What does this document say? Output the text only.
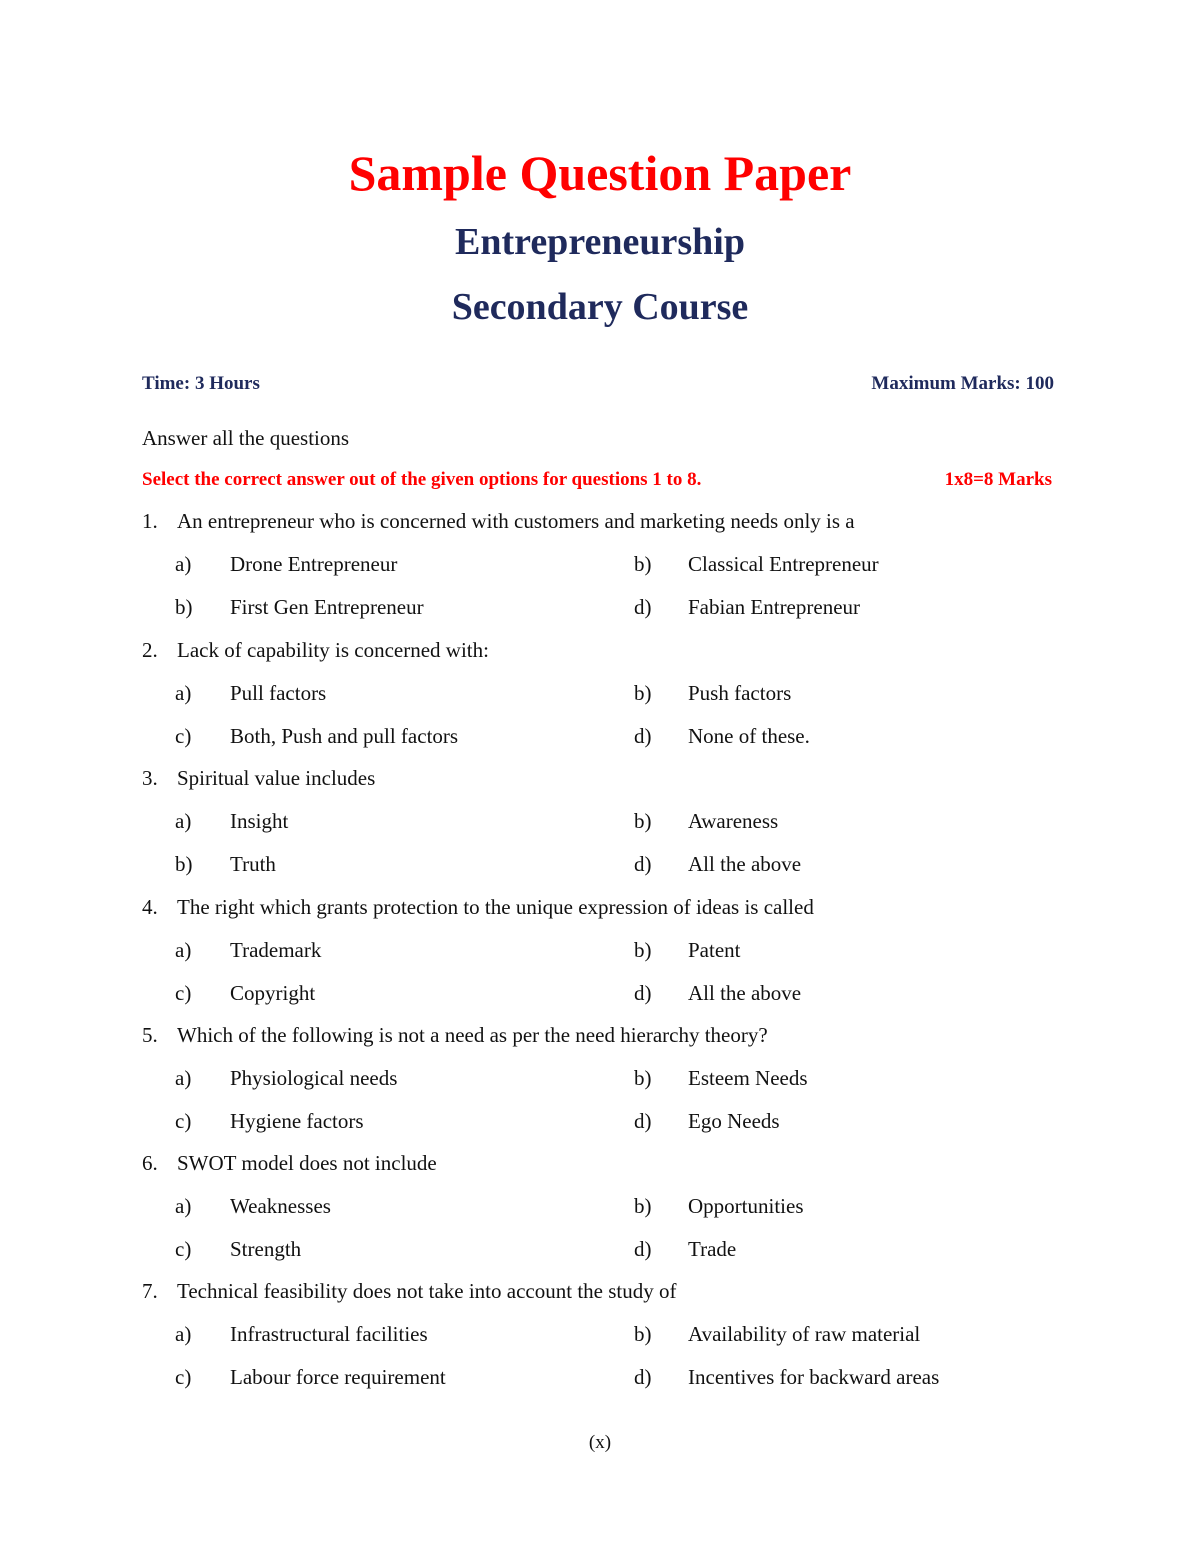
Sample Question Paper
Entrepreneurship
Secondary Course
Time: 3 Hours	Maximum Marks: 100
Answer all the questions
Select the correct answer out of the given options for questions 1 to 8.	1x8=8 Marks
1. An entrepreneur who is concerned with customers and marketing needs only is a
a) Drone Entrepreneur	b) Classical Entrepreneur
b) First Gen Entrepreneur	d) Fabian Entrepreneur
2. Lack of capability is concerned with:
a) Pull factors	b) Push factors
c) Both, Push and pull factors	d) None of these.
3. Spiritual value includes
a) Insight	b) Awareness
b) Truth	d) All the above
4. The right which grants protection to the unique expression of ideas is called
a) Trademark	b) Patent
c) Copyright	d) All the above
5. Which of the following is not a need as per the need hierarchy theory?
a) Physiological needs	b) Esteem Needs
c) Hygiene factors	d) Ego Needs
6. SWOT model does not include
a) Weaknesses	b) Opportunities
c) Strength	d) Trade
7. Technical feasibility does not take into account the study of
a) Infrastructural facilities	b) Availability of raw material
c) Labour force requirement	d) Incentives for backward areas
(x)
